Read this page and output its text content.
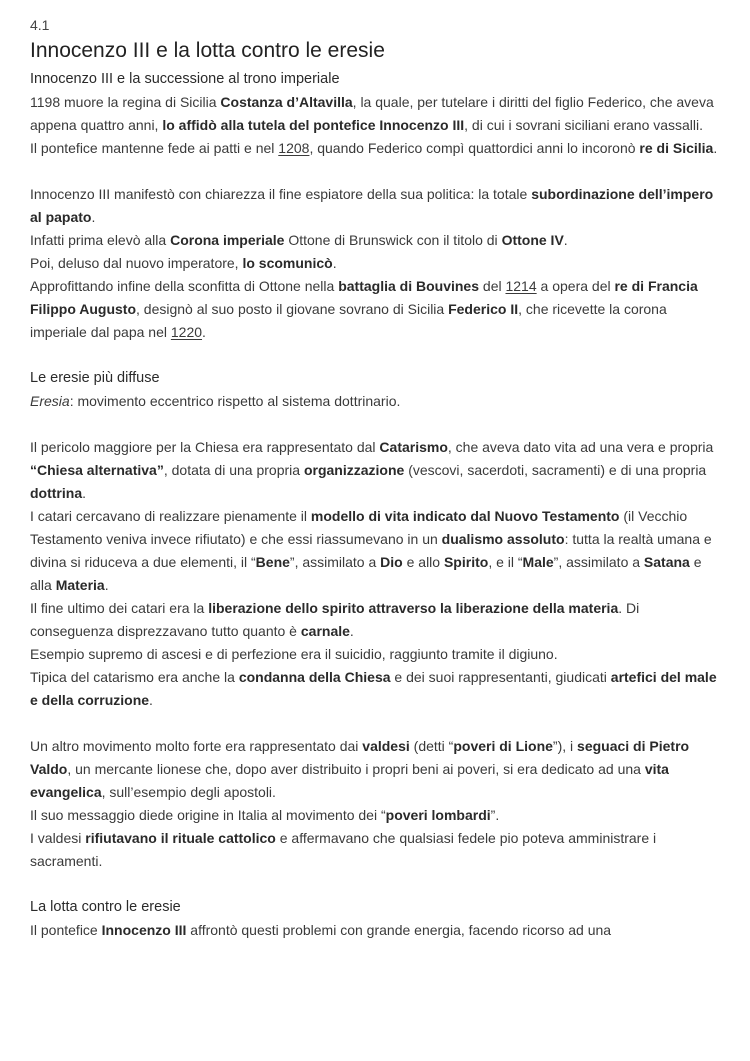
4.1
Innocenzo III e la lotta contro le eresie
Innocenzo III e la successione al trono imperiale

1198 muore la regina di Sicilia Costanza d’Altavilla, la quale, per tutelare i diritti del figlio Federico, che aveva appena quattro anni, lo affidò alla tutela del pontefice Innocenzo III, di cui i sovrani siciliani erano vassalli.

Il pontefice mantenne fede ai patti e nel 1208, quando Federico compì quattordici anni lo incoronò re di Sicilia.

Innocenzo III manifestò con chiarezza il fine espiatore della sua politica: la totale subordinazione dell’impero al papato.

Infatti prima elevò alla Corona imperiale Ottone di Brunswick con il titolo di Ottone IV.

Poi, deluso dal nuovo imperatore, lo scomunicò.

Approfittando infine della sconfitta di Ottone nella battaglia di Bouvines del 1214 a opera del re di Francia Filippo Augusto, designò al suo posto il giovane sovrano di Sicilia Federico II, che ricevette la corona imperiale dal papa nel 1220.

Le eresie più diffuse

Eresia: movimento eccentrico rispetto al sistema dottrinario.

Il pericolo maggiore per la Chiesa era rappresentato dal Catarismo, che aveva dato vita ad una vera e propria “Chiesa alternativa”, dotata di una propria organizzazione (vescovi, sacerdoti, sacramenti) e di una propria dottrina.

I catari cercavano di realizzare pienamente il modello di vita indicato dal Nuovo Testamento (il Vecchio Testamento veniva invece rifiutato) e che essi riassumevano in un dualismo assoluto: tutta la realtà umana e divina si riduceva a due elementi, il “Bene”, assimilato a Dio e allo Spirito, e il “Male”, assimilato a Satana e alla Materia.

Il fine ultimo dei catari era la liberazione dello spirito attraverso la liberazione della materia. Di conseguenza disprezzavano tutto quanto è carnale.

Esempio supremo di ascesi e di perfezione era il suicidio, raggiunto tramite il digiuno.

Tipica del catarismo era anche la condanna della Chiesa e dei suoi rappresentanti, giudicati artefici del male e della corruzione.

Un altro movimento molto forte era rappresentato dai valdesi (detti “poveri di Lione”), i seguaci di Pietro Valdo, un mercante lionese che, dopo aver distribuito i propri beni ai poveri, si era dedicato ad una vita evangelica, sull’esempio degli apostoli.

Il suo messaggio diede origine in Italia al movimento dei “poveri lombardi”.

I valdesi rifiutavano il rituale cattolico e affermavano che qualsiasi fedele pio poteva amministrare i sacramenti.

La lotta contro le eresie

Il pontefice Innocenzo III affrontò questi problemi con grande energia, facendo ricorso ad una
